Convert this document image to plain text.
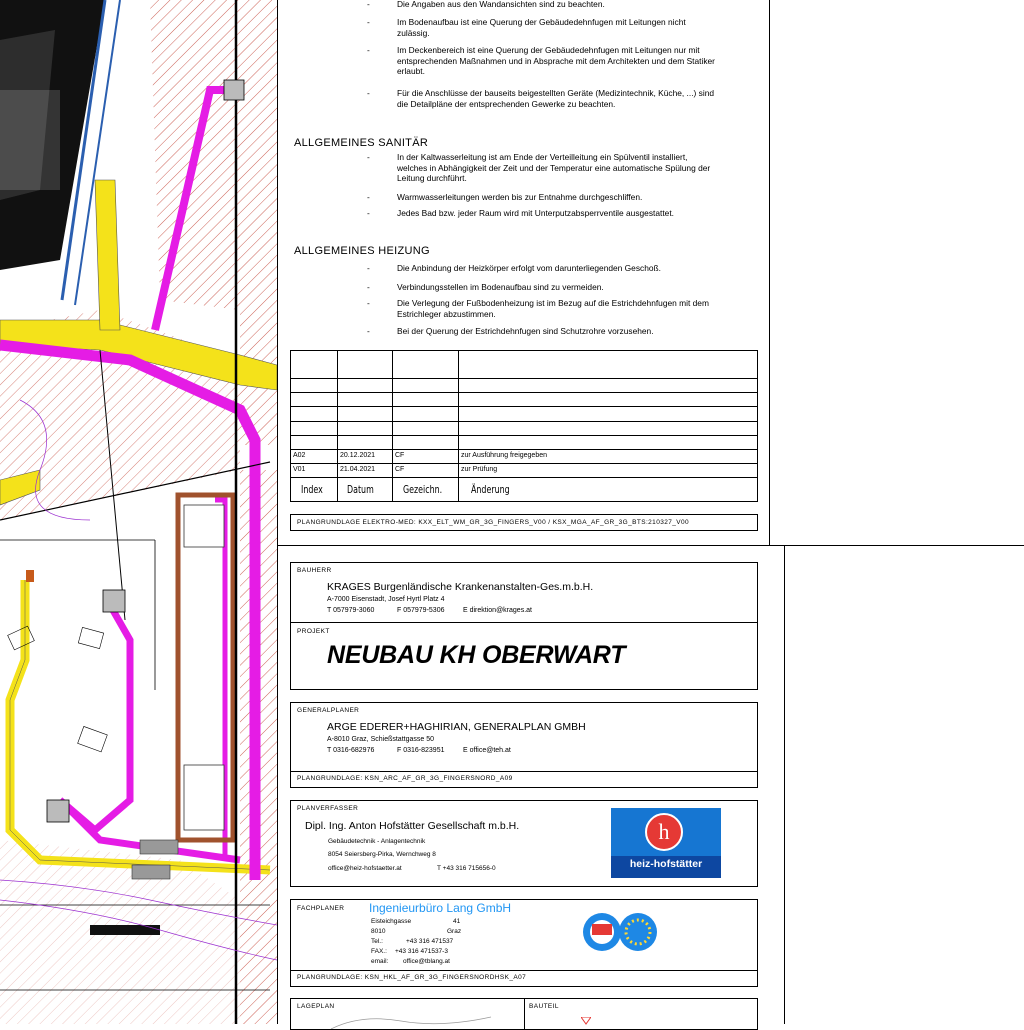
-	Die Angaben aus den Wandansichten sind zu beachten.
-	Im Bodenaufbau ist eine Querung der Gebäudedehnfugen mit Leitungen nicht zulässig.
-	Im Deckenbereich ist eine Querung der Gebäudedehnfugen mit Leitungen nur mit entsprechenden Maßnahmen und in Absprache mit dem Architekten und dem Statiker erlaubt.
-	Für die Anschlüsse der bauseits beigestellten Geräte (Medizintechnik, Küche, ...) sind die Detailpläne der entsprechenden Gewerke zu beachten.
ALLGEMEINES SANITÄR
-	In der Kaltwasserleitung ist am Ende der Verteilleitung ein Spülventil installiert, welches in Abhängigkeit der Zeit und der Temperatur eine automatische Spülung der Leitung durchführt.
-	Warmwasserleitungen werden bis zur Entnahme durchgeschliffen.
-	Jedes Bad bzw. jeder Raum wird mit Unterputzabsperrventile ausgestattet.
ALLGEMEINES HEIZUNG
-	Die Anbindung der Heizkörper erfolgt vom darunterliegenden Geschoß.
-	Verbindungsstellen im Bodenaufbau sind zu vermeiden.
-	Die Verlegung der Fußbodenheizung ist im Bezug auf die Estrichdehnfugen mit dem Estrichleger abzustimmen.
-	Bei der Querung der Estrichdehnfugen sind Schutzrohre vorzusehen.
A02	20.12.2021	CF	zur Ausführung freigegeben
V01	21.04.2021	CF	zur Prüfung
Index Datum	Gezeichn.	Änderung
PLANGRUNDLAGE ELEKTRO-MED: KXX_ELT_WM_GR_3G_FINGERS_V00 / KSX_MGA_AF_GR_3G_BTS:210327_V00
BAUHERR
KRAGES Burgenländische Krankenanstalten-Ges.m.b.H.
A-7000 Eisenstadt, Josef Hyrtl Platz 4
T 057979-3060	F 057979-5306	E direktion@krages.at
PROJEKT
NEUBAU KH OBERWART
GENERALPLANER
ARGE EDERER+HAGHIRIAN, GENERALPLAN GMBH
A-8010 Graz, Schießstattgasse 50
T 0316-682976	F 0316-823951	E office@teh.at
PLANGRUNDLAGE: KSN_ARC_AF_GR_3G_FINGERSNORD_A09
PLANVERFASSER
Dipl. Ing. Anton Hofstätter Gesellschaft m.b.H.
Gebäudetechnik - Anlagentechnik
8054 Seiersberg-Pirka, Wernchweg 8
office@heiz-hofstaetter.at	T +43 316 715656-0
h
heiz-hofstätter
FACHPLANER Ingenieurbüro Lang GmbH
Eisteichgasse	41
8010	Graz
Tel.:	+43 316 471537
FAX.: +43 316 471537-3
email: office@tblang.at
PLANGRUNDLAGE: KSN_HKL_AF_GR_3G_FINGERSNORDHSK_A07
LAGEPLAN	BAUTEIL
